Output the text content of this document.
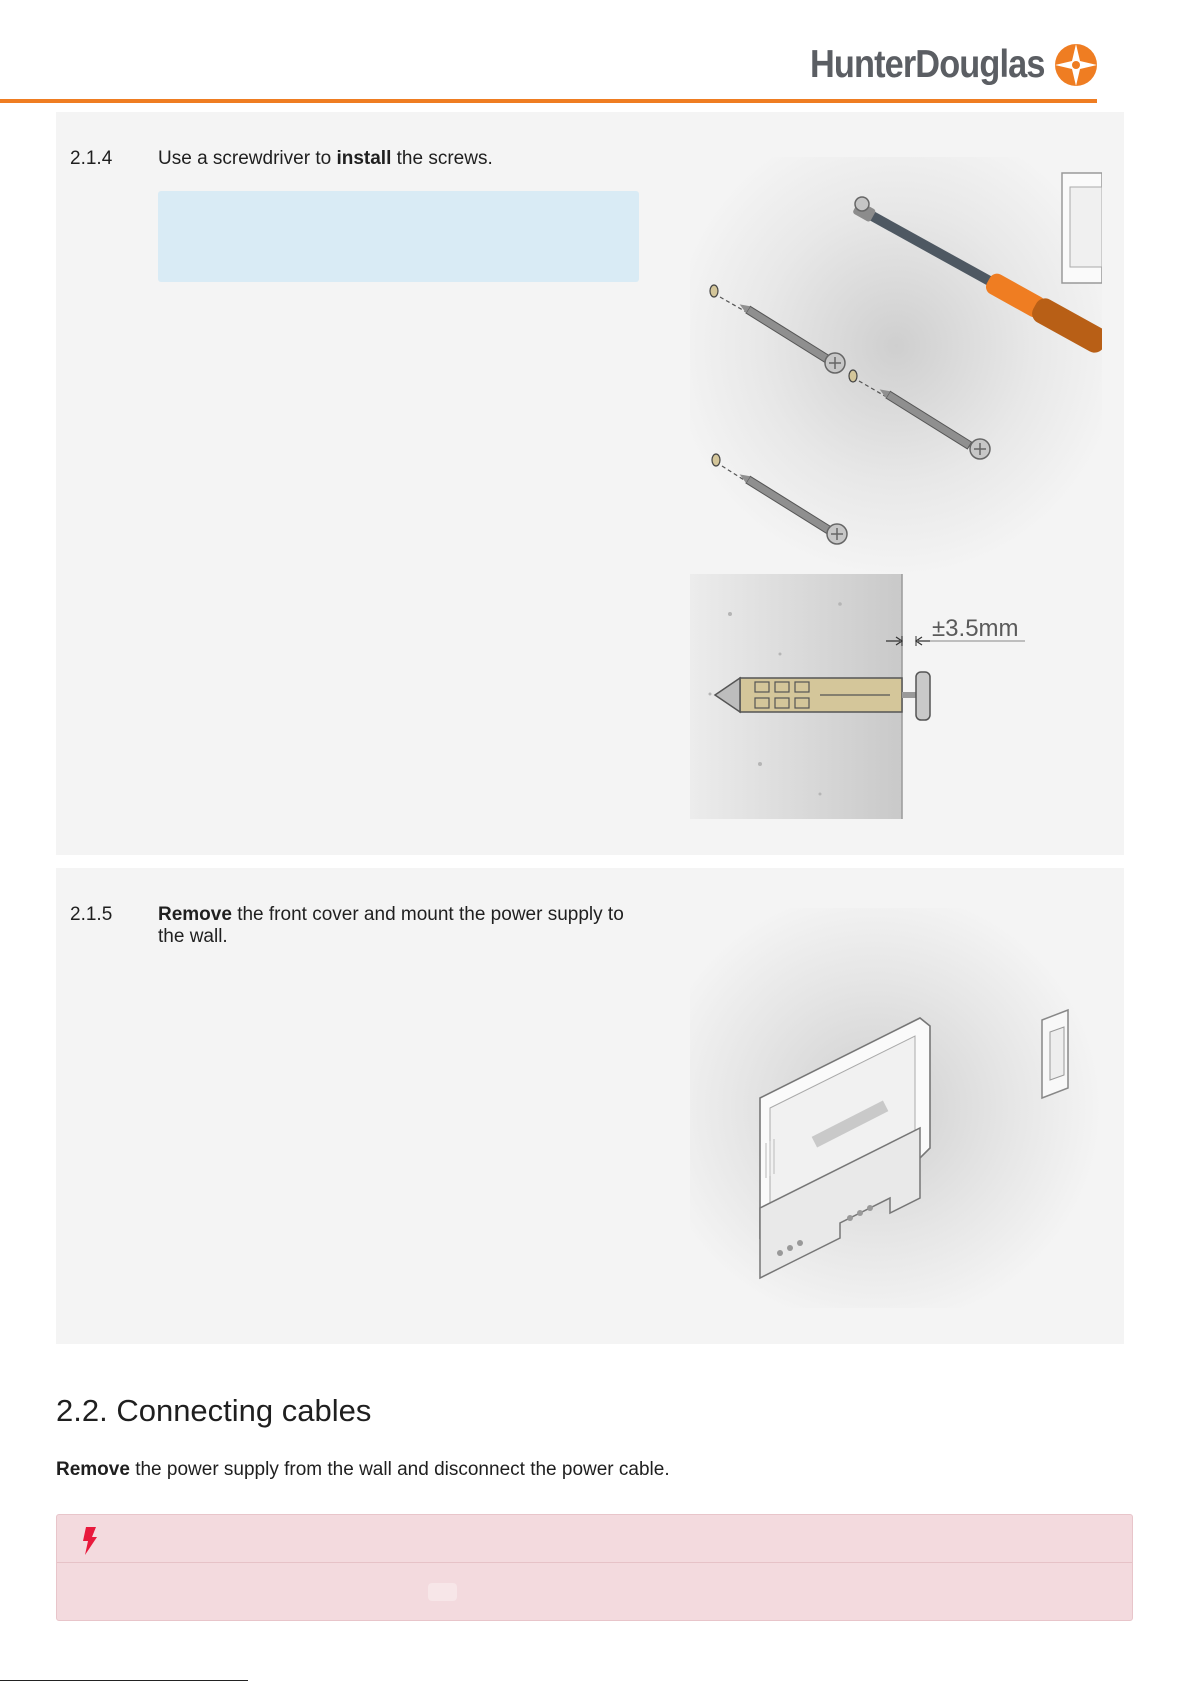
HunterDouglas
2.1.4 Use a screwdriver to install the screws.
±3.5mm
2.1.5 Remove the front cover and mount the power supply to the wall.
2.2. Connecting cables
Remove the power supply from the wall and disconnect the power cable.
